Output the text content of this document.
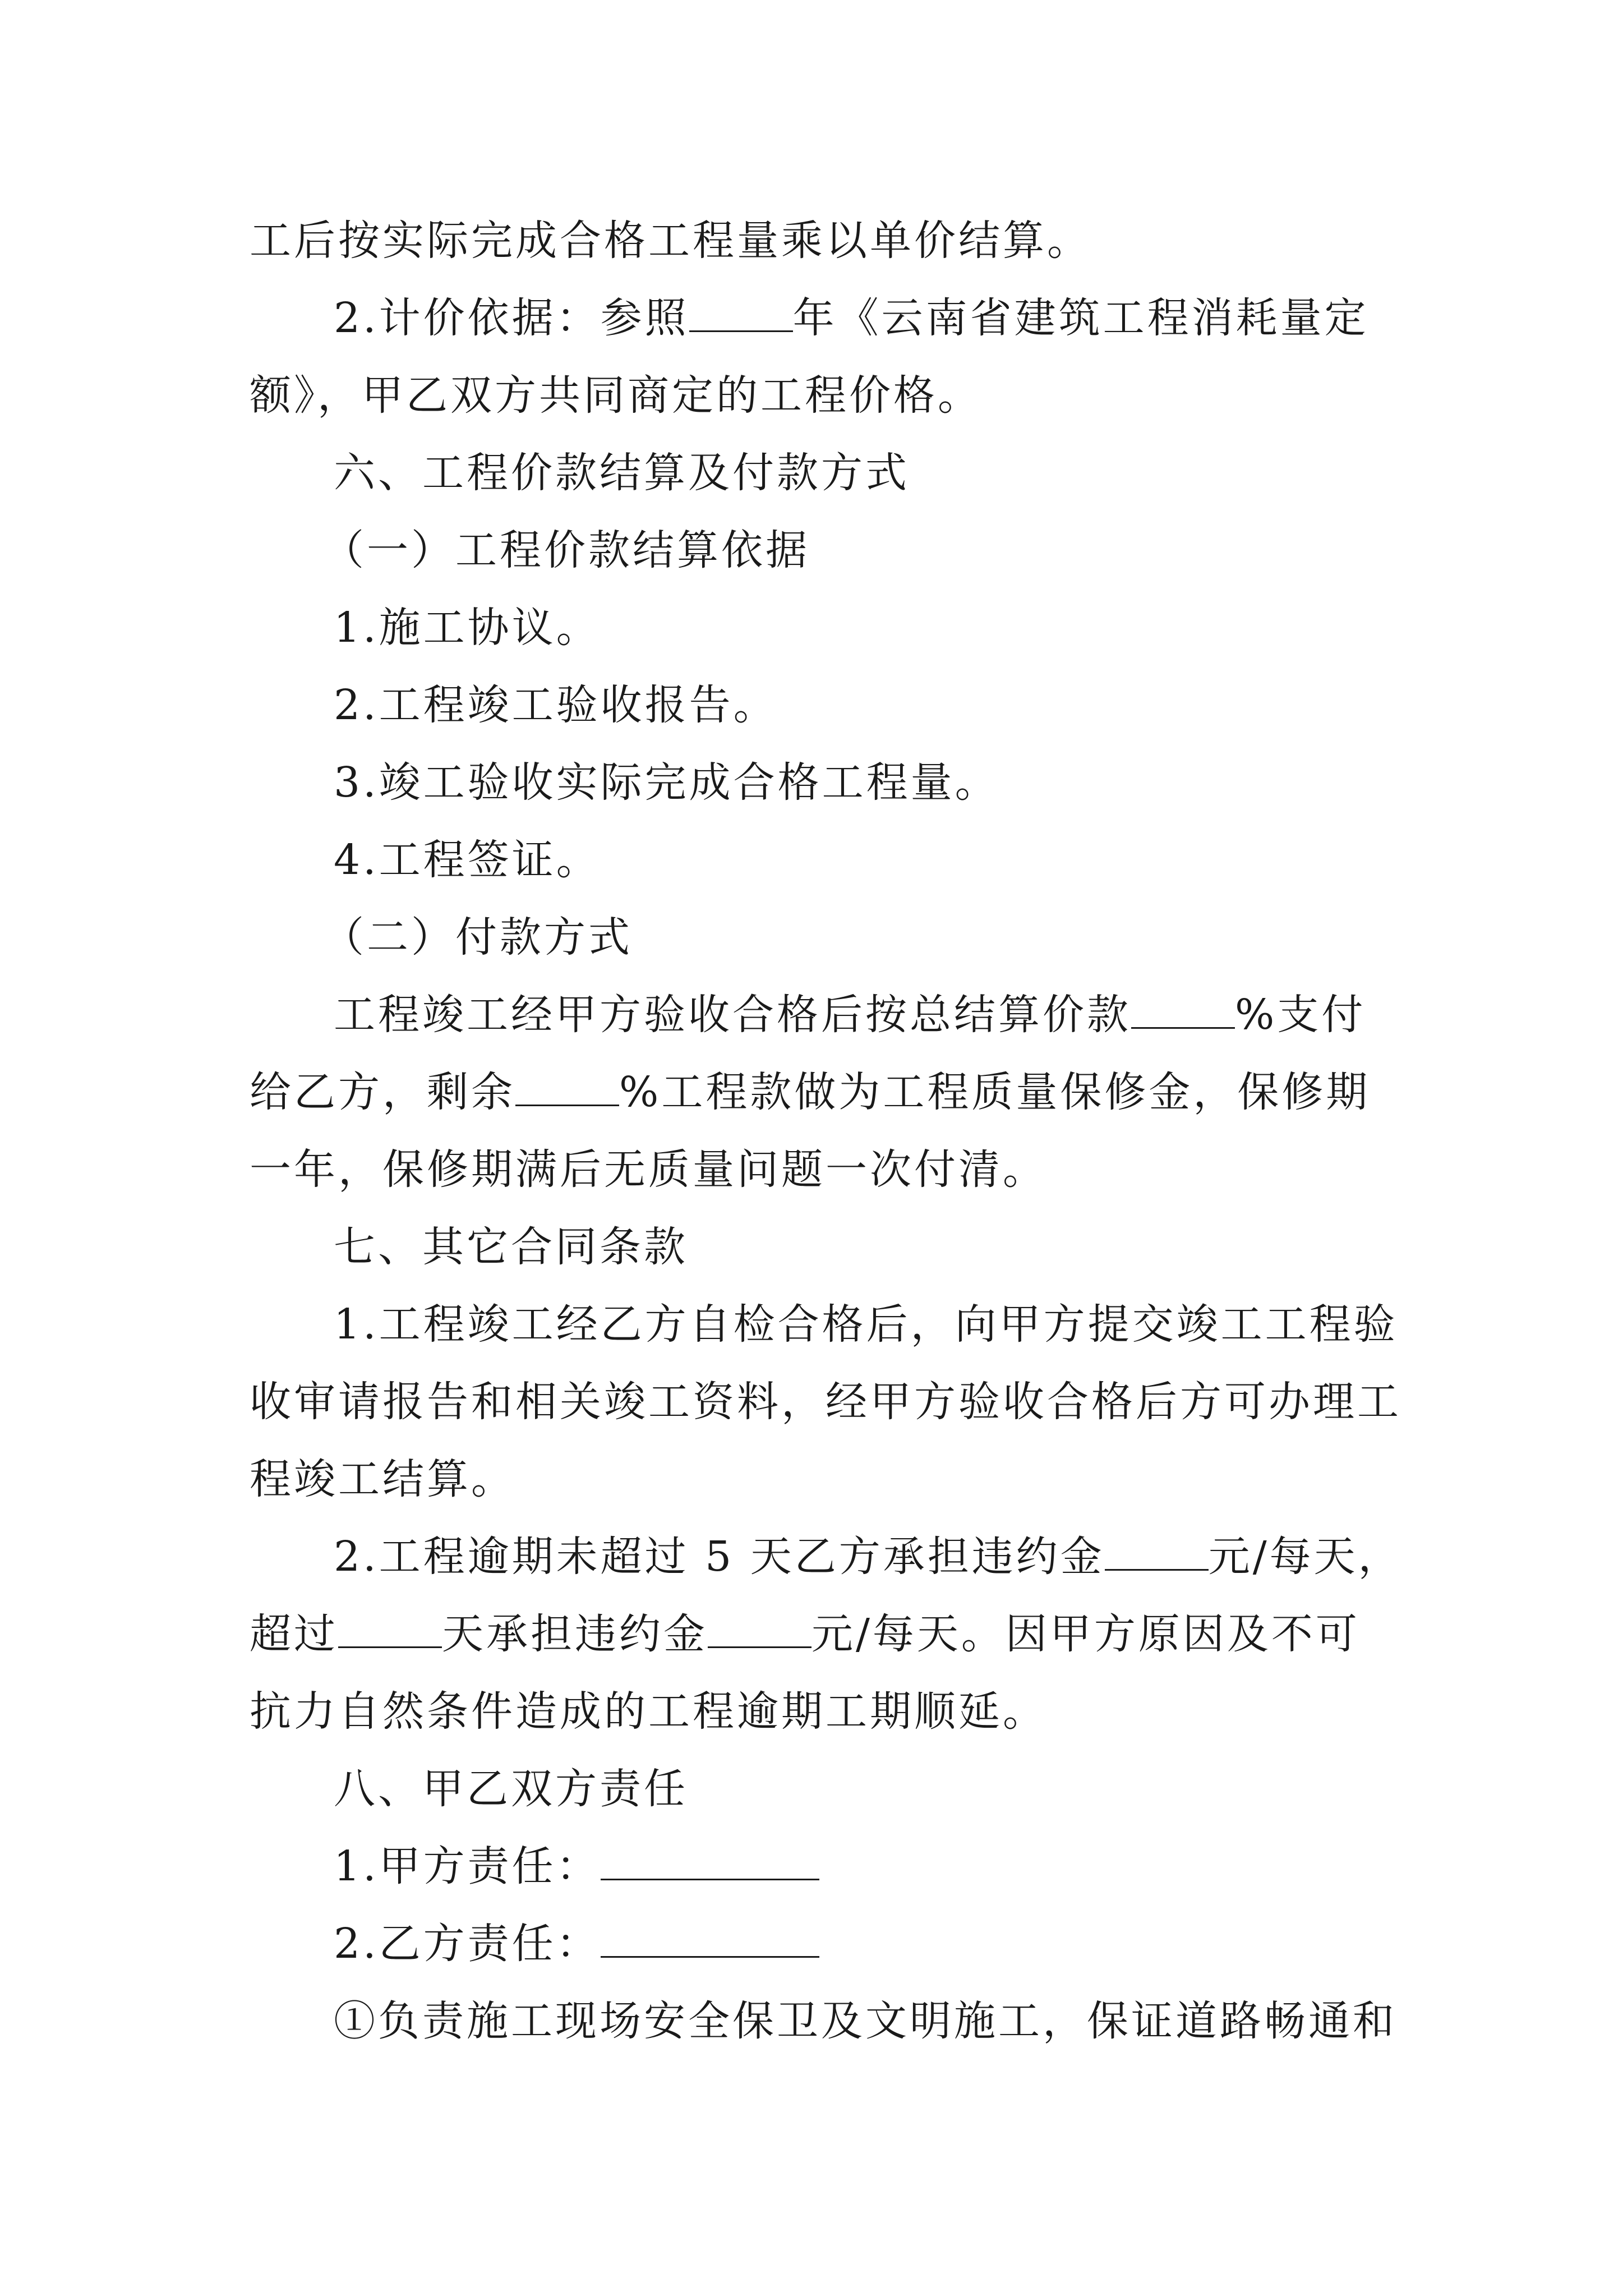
工后按实际完成合格工程量乘以单价结算。

2.计价依据：参照	年《云南省建筑工程消耗量定

额》，甲乙双方共同商定的工程价格。

六、工程价款结算及付款方式

（一）工程价款结算依据

1.施工协议。

2.工程竣工验收报告。

3.竣工验收实际完成合格工程量。

4.工程签证。

（二）付款方式

工程竣工经甲方验收合格后按总结算价款	%支付

给乙方，剩余	%工程款做为工程质量保修金，保修期

一年，保修期满后无质量问题一次付清。

七、其它合同条款

1.工程竣工经乙方自检合格后，向甲方提交竣工工程验

收审请报告和相关竣工资料，经甲方验收合格后方可办理工

程竣工结算。

2.工程逾期未超过 5 天乙方承担违约金	元/每天，

超过	天承担违约金	元/每天。因甲方原因及不可

抗力自然条件造成的工程逾期工期顺延。

八、甲乙双方责任

1.甲方责任：

2.乙方责任：

①负责施工现场安全保卫及文明施工，保证道路畅通和
